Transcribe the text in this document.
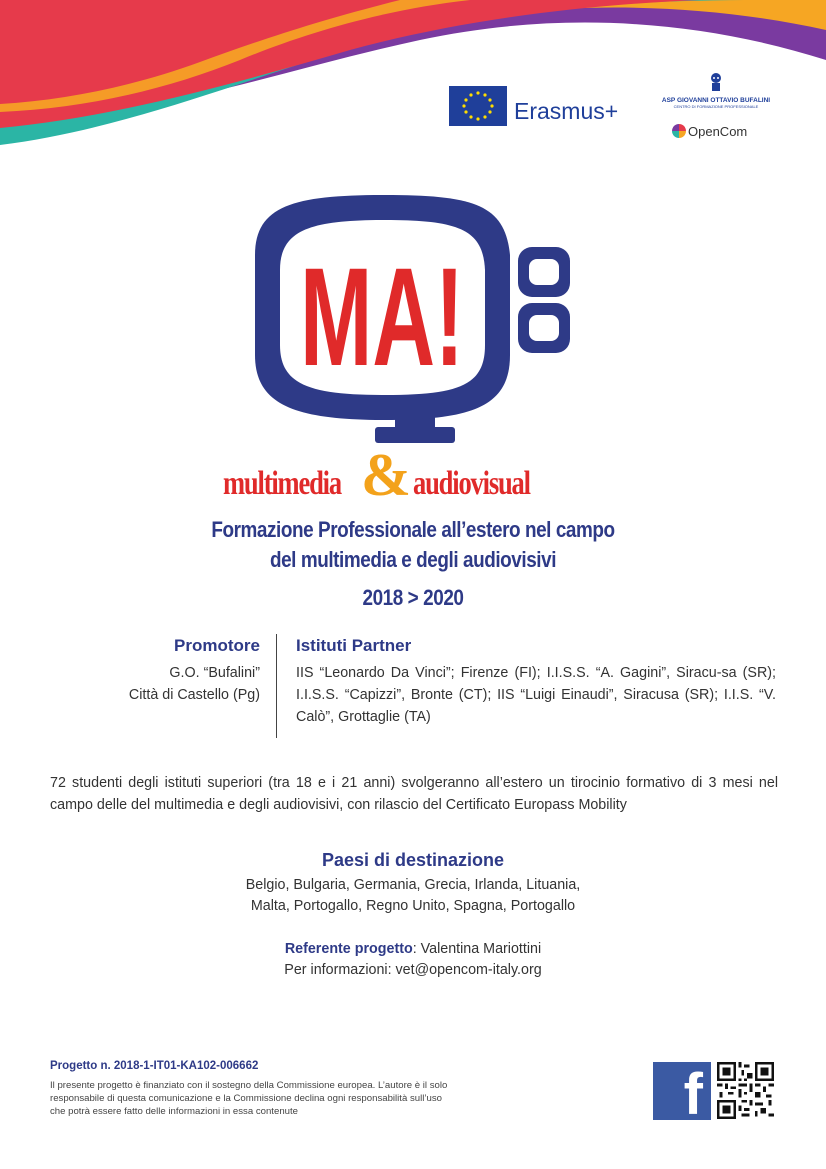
Erasmus+	ASP GIOVANNI OTTAVIO BUFALINI
CENTRO DI FORMAZIONE PROFESSIONALE
OpenCom
MA!
multimedia & audiovisual
Formazione Professionale all’estero nel campo
del multimedia e degli audiovisivi
2018 > 2020
Promotore
G.O. “Bufalini”
Città di Castello (Pg)
Istituti Partner
IIS “Leonardo Da Vinci”; Firenze (FI); I.I.S.S. “A. Gagini”, Siracu-sa (SR); I.I.S.S. “Capizzi”, Bronte (CT); IIS “Luigi Einaudi”, Siracusa (SR); I.I.S. “V. Calò”, Grottaglie (TA)
72 studenti degli istituti superiori (tra 18 e i 21 anni) svolgeranno all’estero un tirocinio formativo di 3 mesi nel campo delle del multimedia e degli audiovisivi, con rilascio del Certificato Europass Mobility
Paesi di destinazione
Belgio, Bulgaria, Germania, Grecia, Irlanda, Lituania,
Malta, Portogallo, Regno Unito, Spagna, Portogallo
Referente progetto: Valentina Mariottini
Per informazioni: vet@opencom-italy.org
Progetto n. 2018-1-IT01-KA102-006662
Il presente progetto è finanziato con il sostegno della Commissione europea. L’autore è il solo
responsabile di questa comunicazione e la Commissione declina ogni responsabilità sull’uso
che potrà essere fatto delle informazioni in essa contenute	f
